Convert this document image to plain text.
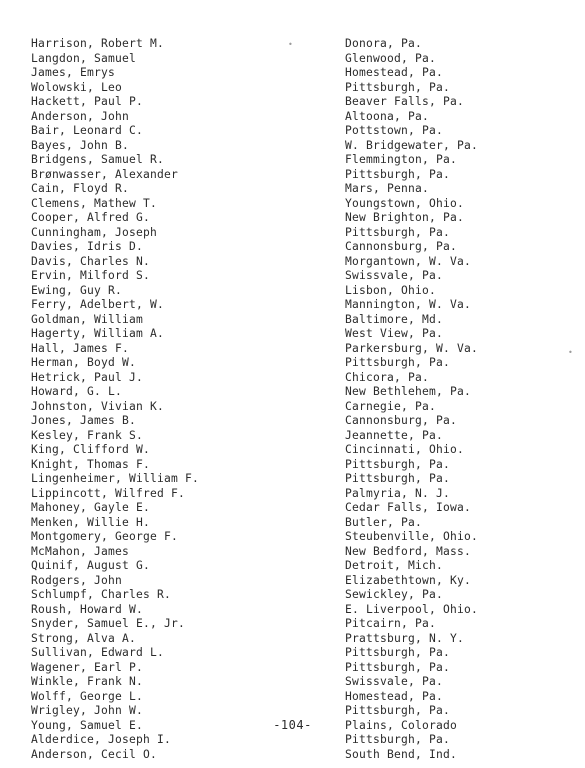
Harrison, Robert M.
Langdon, Samuel
James, Emrys
Wolowski, Leo
Hackett, Paul P.
Anderson, John
Bair, Leonard C.
Bayes, John B.
Bridgens, Samuel R.
Brønwasser, Alexander
Cain, Floyd R.
Clemens, Mathew T.
Cooper, Alfred G.
Cunningham, Joseph
Davies, Idris D.
Davis, Charles N.
Ervin, Milford S.
Ewing, Guy R.
Ferry, Adelbert, W.
Goldman, William
Hagerty, William A.
Hall, James F.
Herman, Boyd W.
Hetrick, Paul J.
Howard, G. L.
Johnston, Vivian K.
Jones, James B.
Kesley, Frank S.
King, Clifford W.
Knight, Thomas F.
Lingenheimer, William F.
Lippincott, Wilfred F.
Mahoney, Gayle E.
Menken, Willie H.
Montgomery, George F.
McMahon, James
Quinif, August G.
Rodgers, John
Schlumpf, Charles R.
Roush, Howard W.
Snyder, Samuel E., Jr.
Strong, Alva A.
Sullivan, Edward L.
Wagener, Earl P.
Winkle, Frank N.
Wolff, George L.
Wrigley, John W.
Young, Samuel E.
Alderdice, Joseph I.
Anderson, Cecil O.
Donora, Pa.
Glenwood, Pa.
Homestead, Pa.
Pittsburgh, Pa.
Beaver Falls, Pa.
Altoona, Pa.
Pottstown, Pa.
W. Bridgewater, Pa.
Flemmington, Pa.
Pittsburgh, Pa.
Mars, Penna.
Youngstown, Ohio.
New Brighton, Pa.
Pittsburgh, Pa.
Cannonsburg, Pa.
Morgantown, W. Va.
Swissvale, Pa.
Lisbon, Ohio.
Mannington, W. Va.
Baltimore, Md.
West View, Pa.
Parkersburg, W. Va.
Pittsburgh, Pa.
Chicora, Pa.
New Bethlehem, Pa.
Carnegie, Pa.
Cannonsburg, Pa.
Jeannette, Pa.
Cincinnati, Ohio.
Pittsburgh, Pa.
Pittsburgh, Pa.
Palmyria, N. J.
Cedar Falls, Iowa.
Butler, Pa.
Steubenville, Ohio.
New Bedford, Mass.
Detroit, Mich.
Elizabethtown, Ky.
Sewickley, Pa.
E. Liverpool, Ohio.
Pitcairn, Pa.
Prattsburg, N. Y.
Pittsburgh, Pa.
Pittsburgh, Pa.
Swissvale, Pa.
Homestead, Pa.
Pittsburgh, Pa.
Plains, Colorado
Pittsburgh, Pa.
South Bend, Ind.
-104-
•
•
